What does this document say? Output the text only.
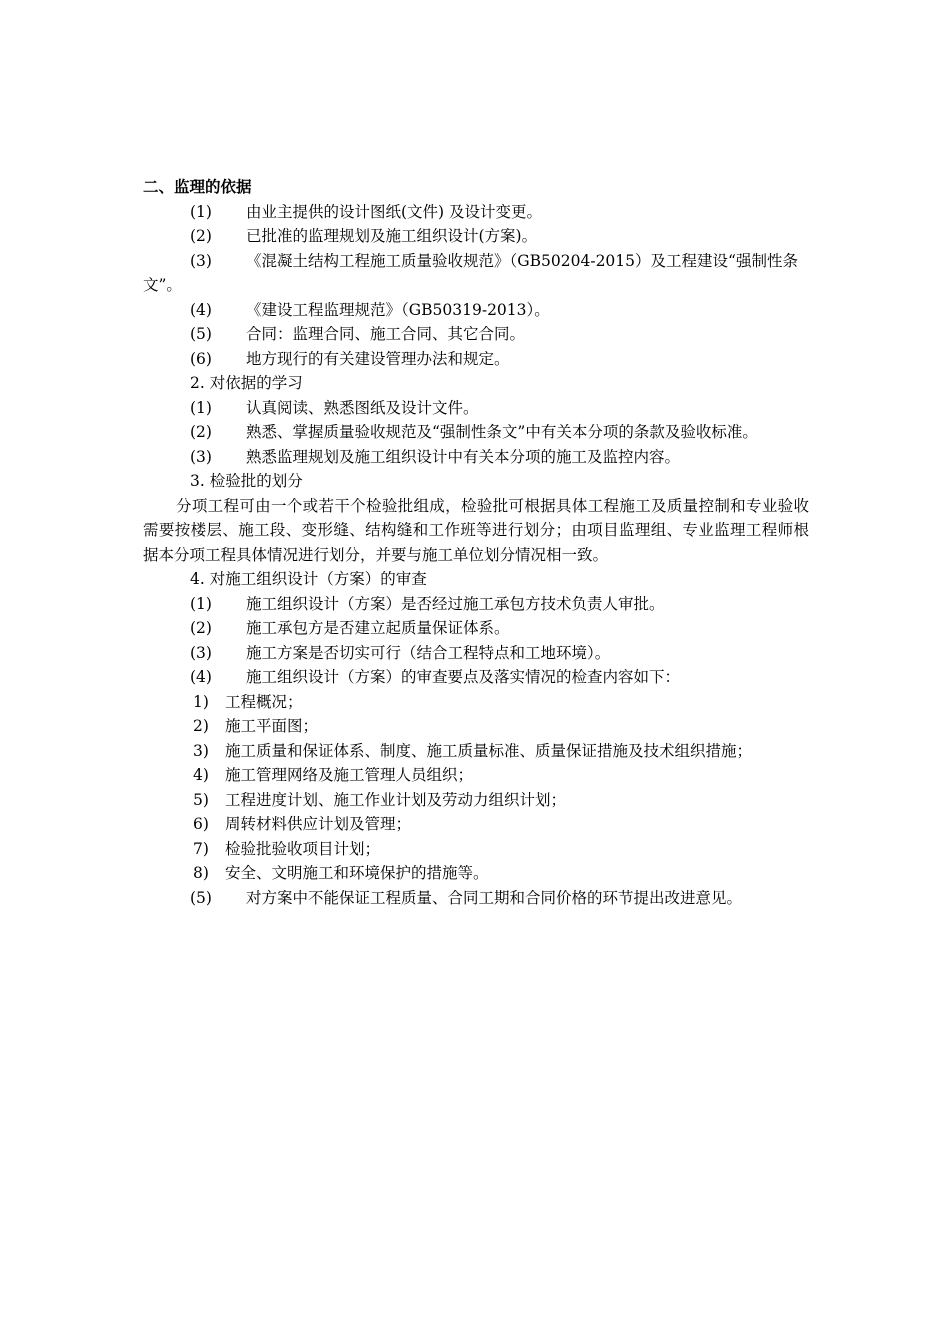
二、监理的依据

(1) 由业主提供的设计图纸(文件) 及设计变更。

(2) 已批准的监理规划及施工组织设计(方案)。

(3) 《混凝土结构工程施工质量验收规范》（GB50204-2015）及工程建设“强制性条文”。

(4) 《建设工程监理规范》（GB50319-2013）。

(5) 合同：监理合同、施工合同、其它合同。

(6) 地方现行的有关建设管理办法和规定。

2. 对依据的学习

(1) 认真阅读、熟悉图纸及设计文件。

(2) 熟悉、掌握质量验收规范及“强制性条文”中有关本分项的条款及验收标准。

(3) 熟悉监理规划及施工组织设计中有关本分项的施工及监控内容。

3. 检验批的划分

分项工程可由一个或若干个检验批组成，检验批可根据具体工程施工及质量控制和专业验收需要按楼层、施工段、变形缝、结构缝和工作班等进行划分；由项目监理组、专业监理工程师根据本分项工程具体情况进行划分，并要与施工单位划分情况相一致。

4. 对施工组织设计（方案）的审查

(1) 施工组织设计（方案）是否经过施工承包方技术负责人审批。

(2) 施工承包方是否建立起质量保证体系。

(3) 施工方案是否切实可行（结合工程特点和工地环境）。

(4) 施工组织设计（方案）的审查要点及落实情况的检查内容如下：

1) 工程概况；

2) 施工平面图；

3) 施工质量和保证体系、制度、施工质量标准、质量保证措施及技术组织措施；

4) 施工管理网络及施工管理人员组织；

5) 工程进度计划、施工作业计划及劳动力组织计划；

6) 周转材料供应计划及管理；

7) 检验批验收项目计划；

8) 安全、文明施工和环境保护的措施等。

(5) 对方案中不能保证工程质量、合同工期和合同价格的环节提出改进意见。
